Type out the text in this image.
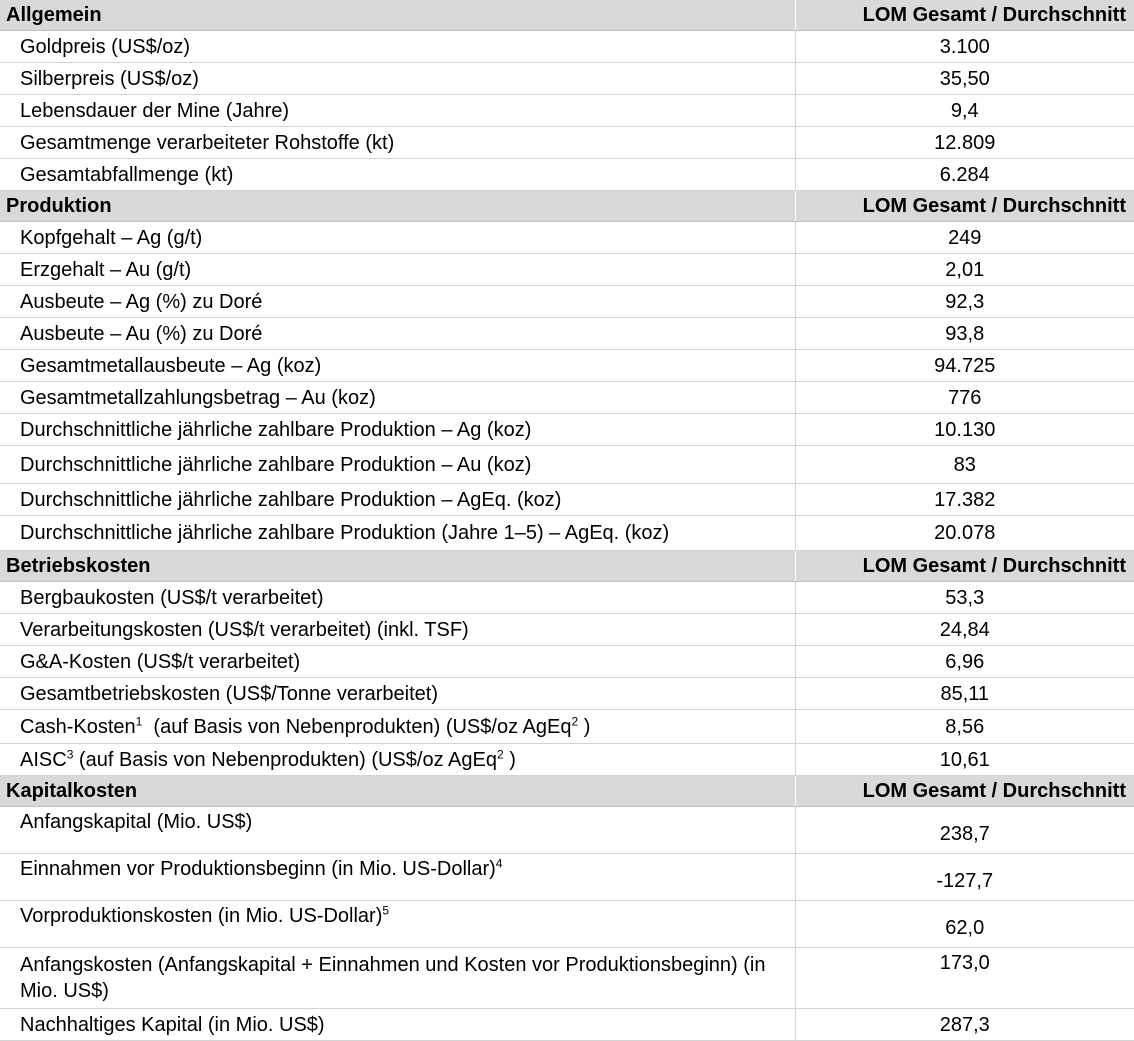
Allgemein	LOM Gesamt / Durchschnitt
Goldpreis (US$/oz)	3.100
Silberpreis (US$/oz)	35,50
Lebensdauer der Mine (Jahre)	9,4
Gesamtmenge verarbeiteter Rohstoffe (kt)	12.809
Gesamtabfallmenge (kt)	6.284
Produktion	LOM Gesamt / Durchschnitt
Kopfgehalt – Ag (g/t)	249
Erzgehalt – Au (g/t)	2,01
Ausbeute – Ag (%) zu Doré	92,3
Ausbeute – Au (%) zu Doré	93,8
Gesamtmetallausbeute – Ag (koz)	94.725
Gesamtmetallzahlungsbetrag – Au (koz)	776
Durchschnittliche jährliche zahlbare Produktion – Ag (koz)	10.130
Durchschnittliche jährliche zahlbare Produktion – Au (koz)	83
Durchschnittliche jährliche zahlbare Produktion – AgEq. (koz)	17.382
Durchschnittliche jährliche zahlbare Produktion (Jahre 1–5) – AgEq. (koz)	20.078
Betriebskosten	LOM Gesamt / Durchschnitt
Bergbaukosten (US$/t verarbeitet)	53,3
Verarbeitungskosten (US$/t verarbeitet) (inkl. TSF)	24,84
G&A-Kosten (US$/t verarbeitet)	6,96
Gesamtbetriebskosten (US$/Tonne verarbeitet)	85,11
Cash-Kosten$^1$  (auf Basis von Nebenprodukten) (US$/oz AgEq$^2$ )	8,56
AISC$^3$ (auf Basis von Nebenprodukten) (US$/oz AgEq$^2$ )	10,61
Kapitalkosten	LOM Gesamt / Durchschnitt
Anfangskapital (Mio. US$)	238,7
Einnahmen vor Produktionsbeginn (in Mio. US-Dollar)$^4$	-127,7
Vorproduktionskosten (in Mio. US-Dollar)$^5$	62,0
Anfangskosten (Anfangskapital + Einnahmen und Kosten vor Produktionsbeginn) (in Mio. US$)	173,0
Nachhaltiges Kapital (in Mio. US$)	287,3
